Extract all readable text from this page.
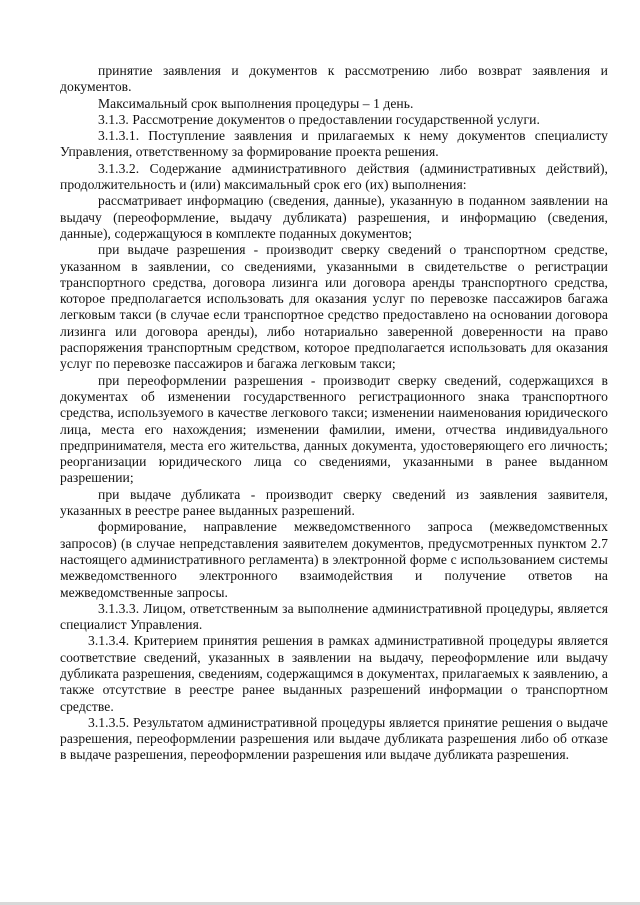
принятие заявления и документов к рассмотрению либо возврат заявления и документов.

Максимальный срок выполнения процедуры – 1 день.

3.1.3. Рассмотрение документов о предоставлении государственной услуги.

3.1.3.1. Поступление заявления и прилагаемых к нему документов специалисту Управления, ответственному за формирование проекта решения.

3.1.3.2. Содержание административного действия (административных действий), продолжительность и (или) максимальный срок его (их) выполнения:

рассматривает информацию (сведения, данные), указанную в поданном заявлении на выдачу (переоформление, выдачу дубликата) разрешения, и информацию (сведения, данные), содержащуюся в комплекте поданных документов;

при выдаче разрешения - производит сверку сведений о транспортном средстве, указанном в заявлении, со сведениями, указанными в свидетельстве о регистрации транспортного средства, договора лизинга или договора аренды транспортного средства, которое предполагается использовать для оказания услуг по перевозке пассажиров багажа легковым такси (в случае если транспортное средство предоставлено на основании договора лизинга или договора аренды), либо нотариально заверенной доверенности на право распоряжения транспортным средством, которое предполагается использовать для оказания услуг по перевозке пассажиров и багажа легковым такси;

при переоформлении разрешения - производит сверку сведений, содержащихся в документах об изменении государственного регистрационного знака транспортного средства, используемого в качестве легкового такси; изменении наименования юридического лица, места его нахождения; изменении фамилии, имени, отчества индивидуального предпринимателя, места его жительства, данных документа, удостоверяющего его личность; реорганизации юридического лица со сведениями, указанными в ранее выданном разрешении;

при выдаче дубликата - производит сверку сведений из заявления заявителя, указанных в реестре ранее выданных разрешений.

формирование, направление межведомственного запроса (межведомственных запросов) (в случае непредставления заявителем документов, предусмотренных пунктом 2.7 настоящего административного регламента) в электронной форме с использованием системы межведомственного электронного взаимодействия и получение ответов на межведомственные запросы.

3.1.3.3. Лицом, ответственным за выполнение административной процедуры, является специалист Управления.

3.1.3.4. Критерием принятия решения в рамках административной процедуры является соответствие сведений, указанных в заявлении на выдачу, переоформление или выдачу дубликата разрешения, сведениям, содержащимся в документах, прилагаемых к заявлению, а также отсутствие в реестре ранее выданных разрешений информации о транспортном средстве.

3.1.3.5. Результатом административной процедуры является принятие решения о выдаче разрешения, переоформлении разрешения или выдаче дубликата разрешения либо об отказе в выдаче разрешения, переоформлении разрешения или выдаче дубликата разрешения.
